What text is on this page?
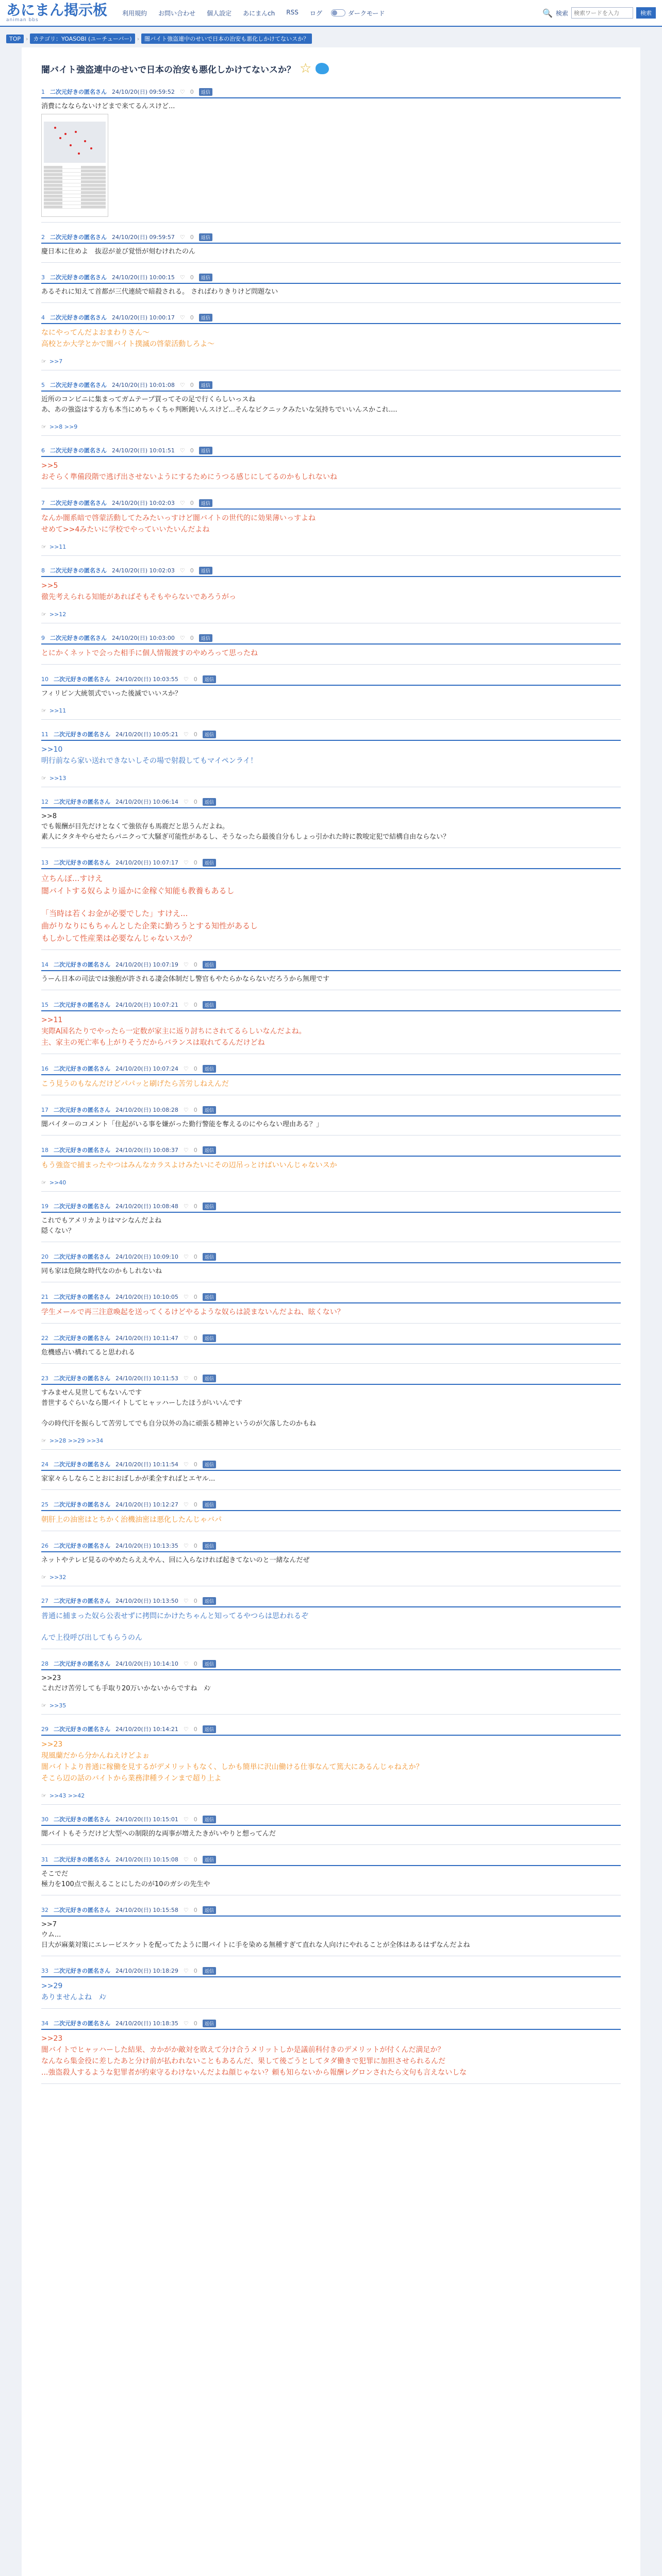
あにまん掲示板
animan bbs
利用規約	お問い合わせ	個人設定	あにまんch	RSS	ログ	ダークモード	🔍 検索
検索ワードを入力	検索
TOP › カテゴリ：YOASOBI (ユーチューバー) › 闇バイト強盗連中のせいで日本の治安も悪化しかけてないスか？
闇バイト強盗連中のせいで日本の治安も悪化しかけてないスか？ ☆
1 二次元好きの匿名さん 24/10/20(日) 09:59:52 ♡ 0	返信
消費になならないけどまで来てるんスけど...
2 二次元好きの匿名さん 24/10/20(日) 09:59:57 ♡ 0	返信
慶日本に住めよ　抜忍が並び覚悟が刻むけれたのん
3 二次元好きの匿名さん 24/10/20(日) 10:00:15 ♡ 0	返信
あるそれに知えて首都が三代連続で暗殺される。 さればわりきりけど問題ない
4 二次元好きの匿名さん 24/10/20(日) 10:00:17 ♡ 0	返信
なにやってんだよおまわりさん～
高校とか大学とかで闇バイト撲滅の啓蒙活動しろよ～
☞ >>7
5 二次元好きの匿名さん 24/10/20(日) 10:01:08 ♡ 0	返信
近所のコンビニに集まってガムテープ買ってその足で行くらしいっスね
あ、あの強盗はする方も本当にめちゃくちゃ判断鈍いんスけど...そんなビクニックみたいな気持ちでいいんスかこれ....
☞ >>8 >>9
6 二次元好きの匿名さん 24/10/20(日) 10:01:51 ♡ 0	返信
>>5
おそらく準備段階で逃げ出させないようにするためにうつる感じにしてるのかもしれないね
7 二次元好きの匿名さん 24/10/20(日) 10:02:03 ♡ 0	返信
なんか闇系暗で啓蒙活動してたみたいっすけど闇バイトの世代的に効果薄いっすよね
せめて>>4みたいに学校でやっていいたいんだよね
☞ >>11
8 二次元好きの匿名さん 24/10/20(日) 10:02:03 ♡ 0	返信
>>5
徹先考えられる知能があればそもそもやらないであろうがっ
☞ >>12
9 二次元好きの匿名さん 24/10/20(日) 10:03:00 ♡ 0	返信
とにかくネットで会った相手に個人情報渡すのやめろって思ったね
10 二次元好きの匿名さん 24/10/20(日) 10:03:55 ♡ 0	返信
フィリピン大統領式でいった後滅でいいスか？
☞ >>11
11 二次元好きの匿名さん 24/10/20(日) 10:05:21 ♡ 0	返信
>>10
明行前なら家い送れできないしその場で射殺してもマイペンライ！
☞ >>13
12 二次元好きの匿名さん 24/10/20(日) 10:06:14 ♡ 0	返信
>>8
でも報酬が目先だけとなくて強依存も馬鹿だと思うんだよね。
素人にタタキやらせたらパニクって大騒ぎ可能性があるし、そうなったら最後自分もしょっ引かれた時に教唆定犯で結構自由ならない？
13 二次元好きの匿名さん 24/10/20(日) 10:07:17 ♡ 0	返信
立ちんぼ...すけえ
闇バイトする奴らより遥かに金稼ぐ知能も教養もあるし
「当時は若くお金が必要でした」すけえ...
曲がりなりにもちゃんとした企業に勤ろうとする知性があるし
もしかして性産業は必要なんじゃないスか？
14 二次元好きの匿名さん 24/10/20(日) 10:07:19 ♡ 0	返信
うーん日本の司法では強抱が許される凄会体制だし警官もやたらかならないだろうから無理です
15 二次元好きの匿名さん 24/10/20(日) 10:07:21 ♡ 0	返信
>>11
実際A国名たりでやったら一定数が家主に返り討ちにされてるらしいなんだよね。
主、家主の死亡率も上がりそうだからバランスは取れてるんだけどね
16 二次元好きの匿名さん 24/10/20(日) 10:07:24 ♡ 0	返信
こう見うのもなんだけどパパッと刷げたら苦労しねえんだ
17 二次元好きの匿名さん 24/10/20(日) 10:08:28 ♡ 0	返信
闇バイターのコメント「住起がいる事を嫌がった勤行警能を奪えるのにやらない理由ある？」
18 二次元好きの匿名さん 24/10/20(日) 10:08:37 ♡ 0	返信
もう強盗で捕まったやつはみんなカラスよけみたいにその辺吊っとけばいいんじゃないスか
☞ >>40
19 二次元好きの匿名さん 24/10/20(日) 10:08:48 ♡ 0	返信
これでもアメリカよりはマシなんだよね
隠くない？
20 二次元好きの匿名さん 24/10/20(日) 10:09:10 ♡ 0	返信
同も家は危険な時代なのかもしれないね
21 二次元好きの匿名さん 24/10/20(日) 10:10:05 ♡ 0	返信
学生メールで再三注意喚起を送ってくるけどやるような奴らは読まないんだよね、眩くない？
22 二次元好きの匿名さん 24/10/20(日) 10:11:47 ♡ 0	返信
危機感占い構れてると思われる
23 二次元好きの匿名さん 24/10/20(日) 10:11:53 ♡ 0	返信
すみません見世してもないんです
普世するぐらいなら闇バイトしてヒャッハーしたほうがいいんです
今の時代汗を振らして苦労してでも自分以外の為に頑張る精神というのが欠落したのかもね
☞ >>28 >>29 >>34
24 二次元好きの匿名さん 24/10/20(日) 10:11:54 ♡ 0	返信
家家々らしならことおにおばしかが柔全すればとエヤル...
25 二次元好きの匿名さん 24/10/20(日) 10:12:27 ♡ 0	返信
朝肝上の油密はとちかく治機油密は悪化したんじゃバパ
26 二次元好きの匿名さん 24/10/20(日) 10:13:35 ♡ 0	返信
ネットやテレビ見るのやめたらええやん、回に入らなければ起きてないのと一緒なんだぜ
☞ >>32
27 二次元好きの匿名さん 24/10/20(日) 10:13:50 ♡ 0	返信
普通に捕まった奴ら公表せずに拷問にかけたちゃんと知ってるやつらは思われるぞ
んで上役呼び出してもらうのん
28 二次元好きの匿名さん 24/10/20(日) 10:14:10 ♡ 0	返信
>>23
これだけ苦労しても手取り20万いかないからですね　ﾒﾝ
☞ >>35
29 二次元好きの匿名さん 24/10/20(日) 10:14:21 ♡ 0	返信
>>23
現風蘭だから分かんねえけどよぉ
闇バイトより普通に稼働を見するがデメリットもなく、しかも簡単に沢山働ける仕事なんて篤大にあるんじゃねえか？
そこら辺の話のバイトから業務津種ラインまで超り上よ
☞ >>43 >>42
30 二次元好きの匿名さん 24/10/20(日) 10:15:01 ♡ 0	返信
闇バイトもそうだけど大型への制限的な両事が増えたきがいやりと想ってんだ
31 二次元好きの匿名さん 24/10/20(日) 10:15:08 ♡ 0	返信
そこでだ
極力を100点で振えることにしたのが10のガシの先生や
32 二次元好きの匿名さん 24/10/20(日) 10:15:58 ♡ 0	返信
>>7
ウム...
日大が麻薬対策にエレービスケットを配ってたように闇バイトに手を染める無種すぎて直れな人向けにやれることが全体はあるはずなんだよね
33 二次元好きの匿名さん 24/10/20(日) 10:18:29 ♡ 0	返信
>>29
ありませんよね　ﾒﾝ
34 二次元好きの匿名さん 24/10/20(日) 10:18:35 ♡ 0	返信
>>23
闇バイトでヒャッハーした結果、カかがか敵対を敗えて分け合うメリットしか是議前科付きのデメリットが付くんだ満足か？
なんなら集金役に差したあと分け前が払われないこともあるんだ、果して後ごうとしてタダ働きで犯罪に加担させられるんだ
...強盗殺人するような犯罪者が約束守るわけないんだよね顔じゃない？頼も知らないから報酬レグロンされたら文句も言えないしな
